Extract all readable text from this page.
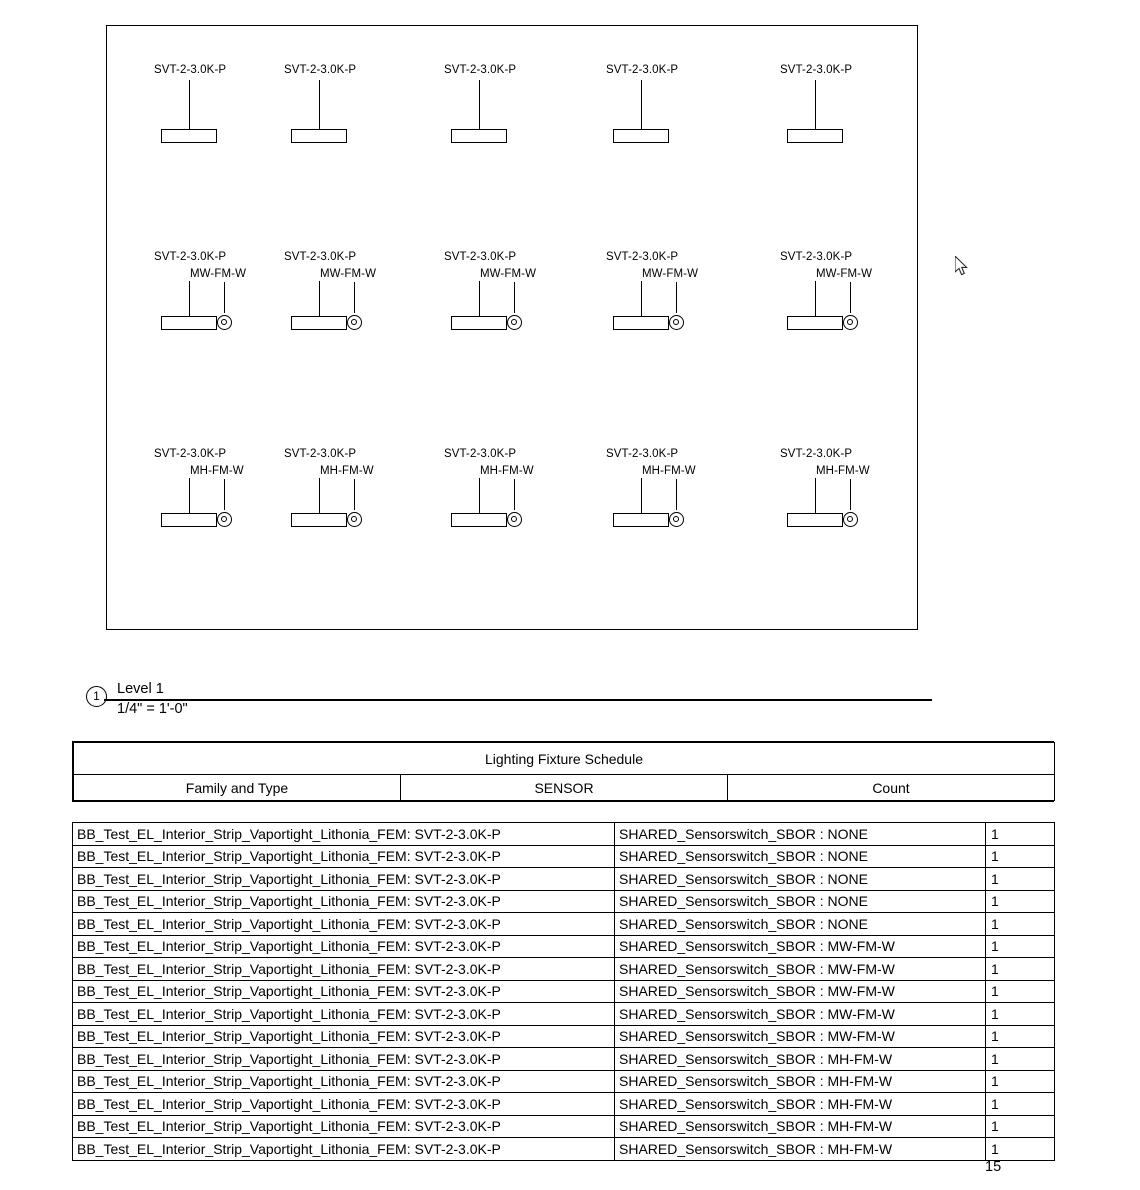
SVT-2-3.0K-P	SVT-2-3.0K-P	SVT-2-3.0K-P	SVT-2-3.0K-P	SVT-2-3.0K-P
SVT-2-3.0K-P
MW-FM-W
SVT-2-3.0K-P
MW-FM-W
SVT-2-3.0K-P
MW-FM-W
SVT-2-3.0K-P
MW-FM-W
SVT-2-3.0K-P
MW-FM-W
SVT-2-3.0K-P
MH-FM-W
SVT-2-3.0K-P
MH-FM-W
SVT-2-3.0K-P
MH-FM-W
SVT-2-3.0K-P
MH-FM-W
SVT-2-3.0K-P
MH-FM-W
1	Level 1
1/4" = 1'-0"
Lighting Fixture Schedule
Family and Type	SENSOR	Count
BB_Test_EL_Interior_Strip_Vaportight_Lithonia_FEM: SVT-2-3.0K-P	SHARED_Sensorswitch_SBOR : NONE	1
BB_Test_EL_Interior_Strip_Vaportight_Lithonia_FEM: SVT-2-3.0K-P	SHARED_Sensorswitch_SBOR : NONE	1
BB_Test_EL_Interior_Strip_Vaportight_Lithonia_FEM: SVT-2-3.0K-P	SHARED_Sensorswitch_SBOR : NONE	1
BB_Test_EL_Interior_Strip_Vaportight_Lithonia_FEM: SVT-2-3.0K-P	SHARED_Sensorswitch_SBOR : NONE	1
BB_Test_EL_Interior_Strip_Vaportight_Lithonia_FEM: SVT-2-3.0K-P	SHARED_Sensorswitch_SBOR : NONE	1
BB_Test_EL_Interior_Strip_Vaportight_Lithonia_FEM: SVT-2-3.0K-P	SHARED_Sensorswitch_SBOR : MW-FM-W	1
BB_Test_EL_Interior_Strip_Vaportight_Lithonia_FEM: SVT-2-3.0K-P	SHARED_Sensorswitch_SBOR : MW-FM-W	1
BB_Test_EL_Interior_Strip_Vaportight_Lithonia_FEM: SVT-2-3.0K-P	SHARED_Sensorswitch_SBOR : MW-FM-W	1
BB_Test_EL_Interior_Strip_Vaportight_Lithonia_FEM: SVT-2-3.0K-P	SHARED_Sensorswitch_SBOR : MW-FM-W	1
BB_Test_EL_Interior_Strip_Vaportight_Lithonia_FEM: SVT-2-3.0K-P	SHARED_Sensorswitch_SBOR : MW-FM-W	1
BB_Test_EL_Interior_Strip_Vaportight_Lithonia_FEM: SVT-2-3.0K-P	SHARED_Sensorswitch_SBOR : MH-FM-W	1
BB_Test_EL_Interior_Strip_Vaportight_Lithonia_FEM: SVT-2-3.0K-P	SHARED_Sensorswitch_SBOR : MH-FM-W	1
BB_Test_EL_Interior_Strip_Vaportight_Lithonia_FEM: SVT-2-3.0K-P	SHARED_Sensorswitch_SBOR : MH-FM-W	1
BB_Test_EL_Interior_Strip_Vaportight_Lithonia_FEM: SVT-2-3.0K-P	SHARED_Sensorswitch_SBOR : MH-FM-W	1
BB_Test_EL_Interior_Strip_Vaportight_Lithonia_FEM: SVT-2-3.0K-P	SHARED_Sensorswitch_SBOR : MH-FM-W	1
15
